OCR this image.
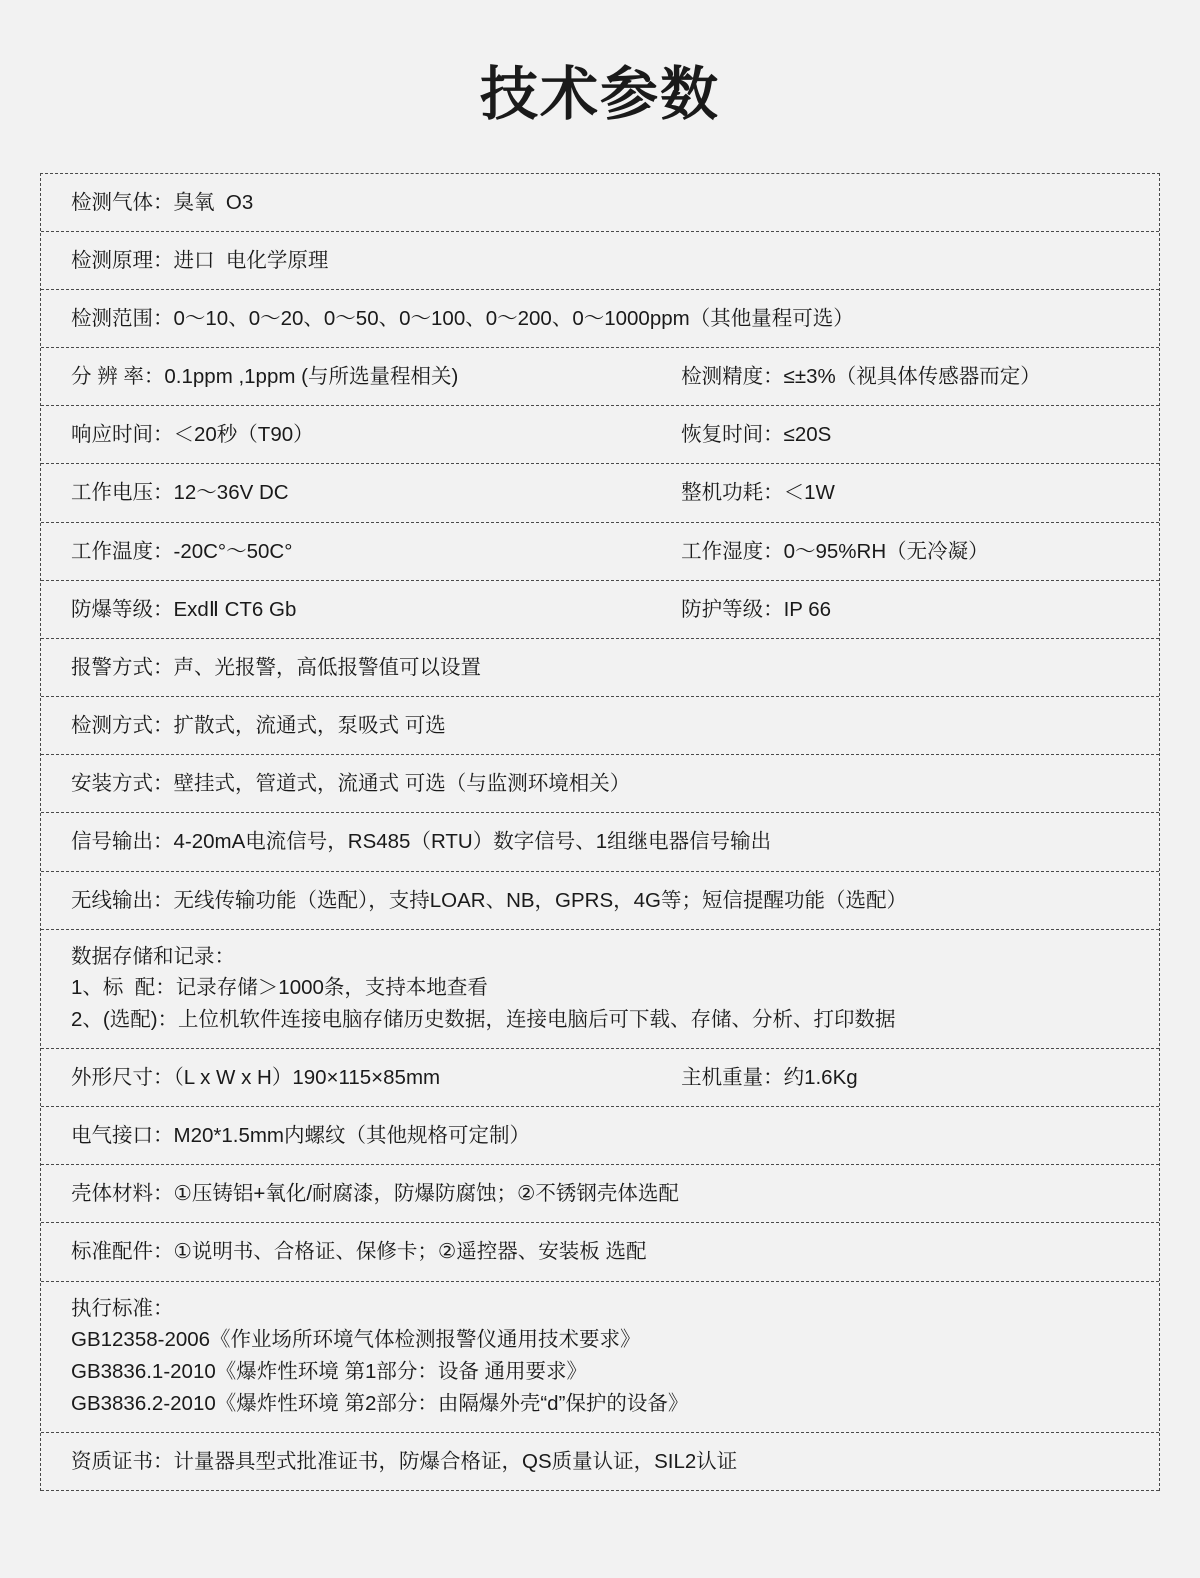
技术参数
检测气体：臭氧  O3
检测原理：进口  电化学原理
检测范围：0～10、0～20、0～50、0～100、0～200、0～1000ppm（其他量程可选）
分 辨 率：0.1ppm ,1ppm (与所选量程相关)	检测精度：≤±3%（视具体传感器而定）
响应时间：＜20秒（T90）	恢复时间：≤20S
工作电压：12～36V DC	整机功耗：＜1W
工作温度：-20C°～50C°	工作湿度：0～95%RH（无冷凝）
防爆等级：ExdⅡ CT6 Gb	防护等级：IP 66
报警方式：声、光报警，高低报警值可以设置
检测方式：扩散式，流通式，泵吸式 可选
安装方式：壁挂式，管道式，流通式 可选（与监测环境相关）
信号输出：4-20mA电流信号，RS485（RTU）数字信号、1组继电器信号输出
无线输出：无线传输功能（选配），支持LOAR、NB，GPRS，4G等；短信提醒功能（选配）
数据存储和记录：
1、标  配：记录存储＞1000条，支持本地查看
2、(选配)：上位机软件连接电脑存储历史数据，连接电脑后可下载、存储、分析、打印数据
外形尺寸：（L x W x H）190×115×85mm	主机重量：约1.6Kg
电气接口：M20*1.5mm内螺纹（其他规格可定制）
壳体材料：①压铸铝+氧化/耐腐漆，防爆防腐蚀；②不锈钢壳体选配
标准配件：①说明书、合格证、保修卡；②遥控器、安装板 选配
执行标准：
GB12358-2006《作业场所环境气体检测报警仪通用技术要求》
GB3836.1-2010《爆炸性环境 第1部分：设备 通用要求》
GB3836.2-2010《爆炸性环境 第2部分：由隔爆外壳“d”保护的设备》
资质证书：计量器具型式批准证书，防爆合格证，QS质量认证，SIL2认证
